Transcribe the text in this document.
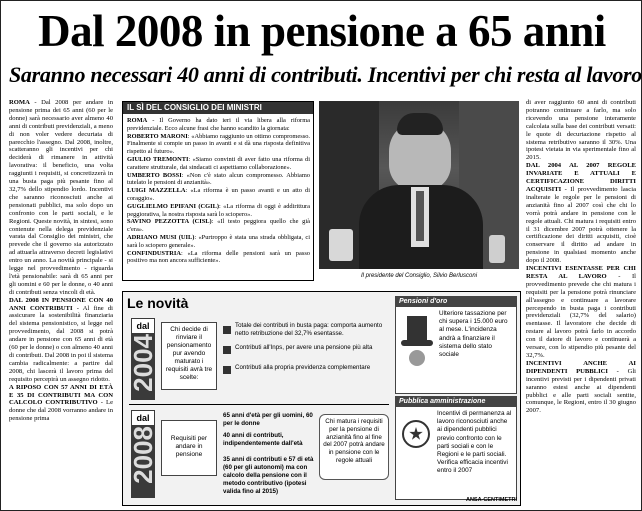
Dal 2008 in pensione a 65 anni
Saranno necessari 40 anni di contributi. Incentivi per chi resta al lavoro

ROMA - Dal 2008 per andare in pensione prima dei 65 anni (60 per le donne) sarà necessario aver almeno 40 anni di contributi previdenziali, a meno di non voler vedere decurtata di parecchio l'assegno. Dal 2008, inoltre, scatteranno gli incentivi per chi deciderà di rimanere in attività lavorativa: il beneficio, una volta raggiunti i requisiti, si concretizzerà in una busta paga più pesante fino al 32,7% dello stipendio lordo. Incentivi che saranno riconosciuti anche ai pensionati pubblici, ma solo dopo un confronto con le parti sociali, e le Regioni. Queste novità, in sintesi, sono contenute nella delega previdenziale varata dal Consiglio dei ministri, che prevede che il governo sia autorizzato ad attuarla attraverso decreti legislativi entro un anno. La novità principale - si legge nel provvedimento - riguarda l'età pensionabile: sarà di 65 anni per gli uomini e 60 per le donne, o 40 anni di contributi senza vincoli di età.

DAL 2008 IN PENSIONE CON 40 ANNI CONTRIBUTI - Al fine di assicurare la sostenibilità finanziaria del sistema pensionistico, si legge nel provvedimento, dal 2008 si potrà andare in pensione con 65 anni di età (60 per le donne) o con almeno 40 anni di contributi. Dal 2008 in poi il sistema cambia radicalmente: a partire dal 2008, chi lascerà il lavoro prima del requisito percepirà un assegno ridotto.

A RIPOSO CON 57 ANNI DI ETÀ E 35 DI CONTRIBUTI MA CON CALCOLO CONTRIBUTIVO - Le donne che dal 2008 vorranno andare in pensione prima

IL SÌ DEL CONSIGLIO DEI MINISTRI

ROMA - Il Governo ha dato ieri il via libera alla riforma previdenziale. Ecco alcune frasi che hanno scandito la giornata:

ROBERTO MARONI: «Abbiamo raggiunto un ottimo compromesso. Finalmente si compie un passo in avanti e si dà una risposta definitiva rispetto al futuro».

GIULIO TREMONTI: «Siamo convinti di aver fatto una riforma di carattere strutturale, dai sindacati ci aspettiamo collaborazione».

UMBERTO BOSSI: «Non c'è stato alcun compromesso. Abbiamo tutelato le pensioni di anzianità».

LUIGI MAZZELLA: «La riforma è un passo avanti e un atto di coraggio».

GUGLIELMO EPIFANI (CGIL): «La riforma di oggi è addirittura peggiorativa, la nostra risposta sarà lo sciopero».

SAVINO PEZZOTTA (CISL): «Il testo peggiora quello che già c'era».

ADRIANO MUSI (UIL): «Purtroppo è stata una strada obbligata, ci sarà lo sciopero generale».

CONFINDUSTRIA: «La riforma delle pensioni sarà un passo positivo ma non ancora sufficiente».

Il presidente del Consiglio, Silvio Berlusconi
Le novità
dal
2004
Chi decide di rinviare il pensionamento pur avendo maturato i requisiti avrà tre scelte:
Totale dei contributi in busta paga: comporta aumento netto retribuzione del 32,7% esentasse.
Contributi all'Inps, per avere una pensione più alta
Contributi alla propria previdenza complementare
dal
2008	Requisiti per andare in pensione
65 anni d'età per gli uomini, 60 per le donne
40 anni di contributi, indipendentemente dall'età
35 anni di contributi e 57 di età (60 per gli autonomi) ma con calcolo della pensione con il metodo contributivo (ipotesi valida fino al 2015)
Chi matura i requisiti per la pensione di anzianità fino al fine del 2007 potrà andare in pensione con le regole attuali
Pensioni d'oro
Ulteriore tassazione per chi supera i 15.000 euro al mese. L'incidenza andrà a finanziare il sistema dello stato sociale
Pubblica amministrazione
Incentivi di permanenza al lavoro riconosciuti anche ai dipendenti pubblici previo confronto con le parti sociali e con le Regioni e le parti sociali. Verifica efficacia incentivi entro il 2007
ANSA-CENTIMETRI

di aver raggiunto 60 anni di contributi potranno continuare a farlo, ma solo ricevendo una pensione interamente calcolata sulla base dei contributi versati: le quote di decurtazione rispetto al sistema retributivo saranno il 30%. Una ipotesi vietata in via sperimentale fino al 2015.

DAL 2004 AL 2007 REGOLE INVARIATE E ATTUALI E CERTIFICAZIONE DIRITTI ACQUISITI - Il provvedimento lascia inalterate le regole per le pensioni di anzianità fino al 2007 così che chi lo vorrà potrà andare in pensione con le regole attuali. Chi matura i requisiti entro il 31 dicembre 2007 potrà ottenere la certificazione dei diritti acquisiti, cioè conservare il diritto ad andare in pensione in qualsiasi momento anche dopo il 2008.

INCENTIVI ESENTASSE PER CHI RESTA AL LAVORO - Il provvedimento prevede che chi matura i requisiti per la pensione potrà rinunciare all'assegno e continuare a lavorare percependo in busta paga i contributi previdenziali (32,7% del salario) esentasse. Il lavoratore che decide di restare al lavoro potrà farlo in accordo con il datore di lavoro e continuerà a versare, con lo stipendio più pesante del 32,7%.

INCENTIVI ANCHE AI DIPENDENTI PUBBLICI - Gli incentivi previsti per i dipendenti privati saranno estesi anche ai dipendenti pubblici e alle parti sociali sentite, comunque, le Regioni, entro il 30 giugno 2007.
